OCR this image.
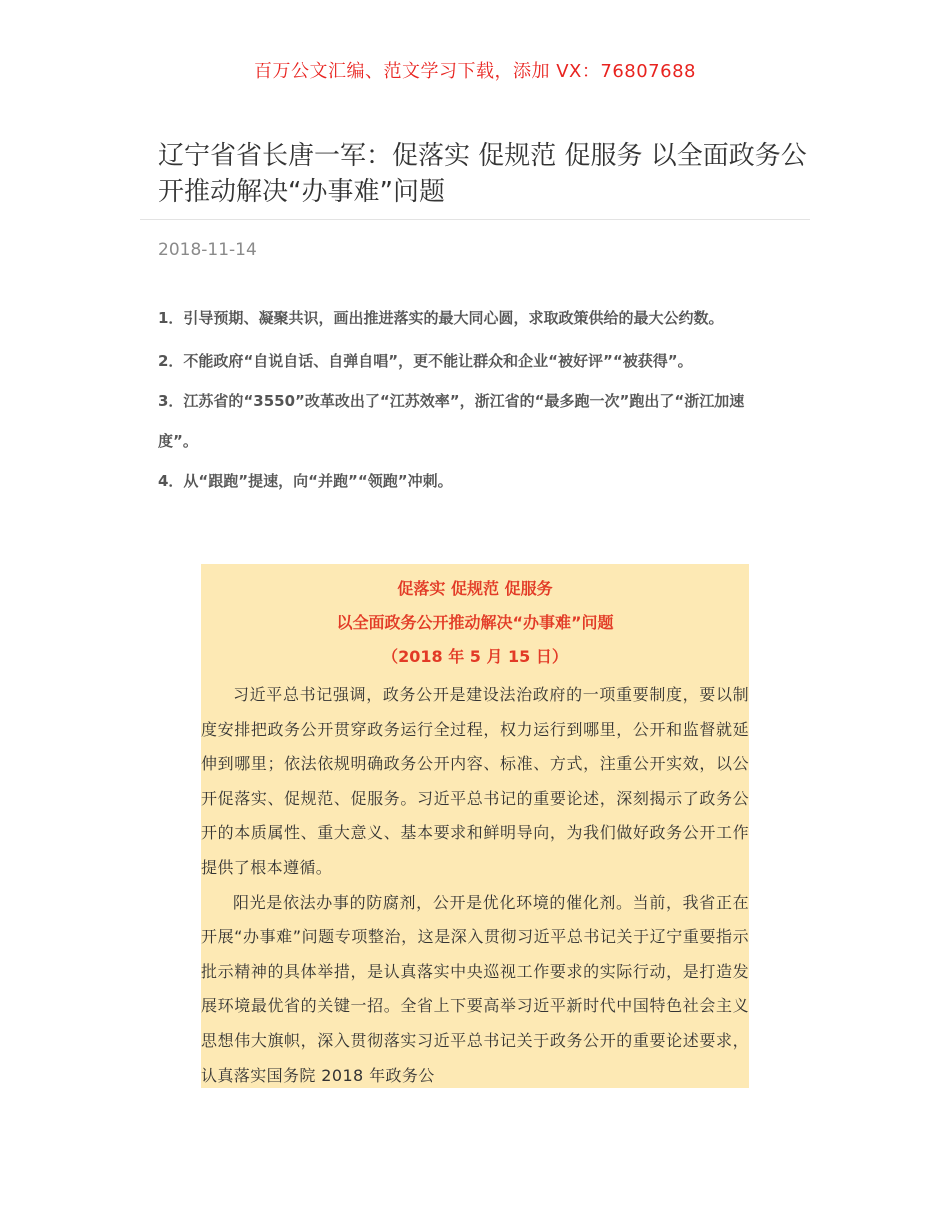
百万公文汇编、范文学习下载，添加 VX：76807688
辽宁省省长唐一军：促落实 促规范 促服务 以全面政务公开推动解决“办事难”问题
2018-11-14

1．引导预期、凝聚共识，画出推进落实的最大同心圆，求取政策供给的最大公约数。

2．不能政府“自说自话、自弹自唱”，更不能让群众和企业“被好评”“被获得”。

3．江苏省的“3550”改革改出了“江苏效率”，浙江省的“最多跑一次”跑出了“浙江加速度”。

4．从“跟跑”提速，向“并跑”“领跑”冲刺。

促落实 促规范 促服务
以全面政务公开推动解决“办事难”问题
（2018 年 5 月 15 日）

习近平总书记强调，政务公开是建设法治政府的一项重要制度，要以制度安排把政务公开贯穿政务运行全过程，权力运行到哪里，公开和监督就延伸到哪里；依法依规明确政务公开内容、标准、方式，注重公开实效，以公开促落实、促规范、促服务。习近平总书记的重要论述，深刻揭示了政务公开的本质属性、重大意义、基本要求和鲜明导向，为我们做好政务公开工作提供了根本遵循。

阳光是依法办事的防腐剂，公开是优化环境的催化剂。当前，我省正在开展“办事难”问题专项整治，这是深入贯彻习近平总书记关于辽宁重要指示批示精神的具体举措，是认真落实中央巡视工作要求的实际行动，是打造发展环境最优省的关键一招。全省上下要高举习近平新时代中国特色社会主义思想伟大旗帜，深入贯彻落实习近平总书记关于政务公开的重要论述要求，认真落实国务院 2018 年政务公
